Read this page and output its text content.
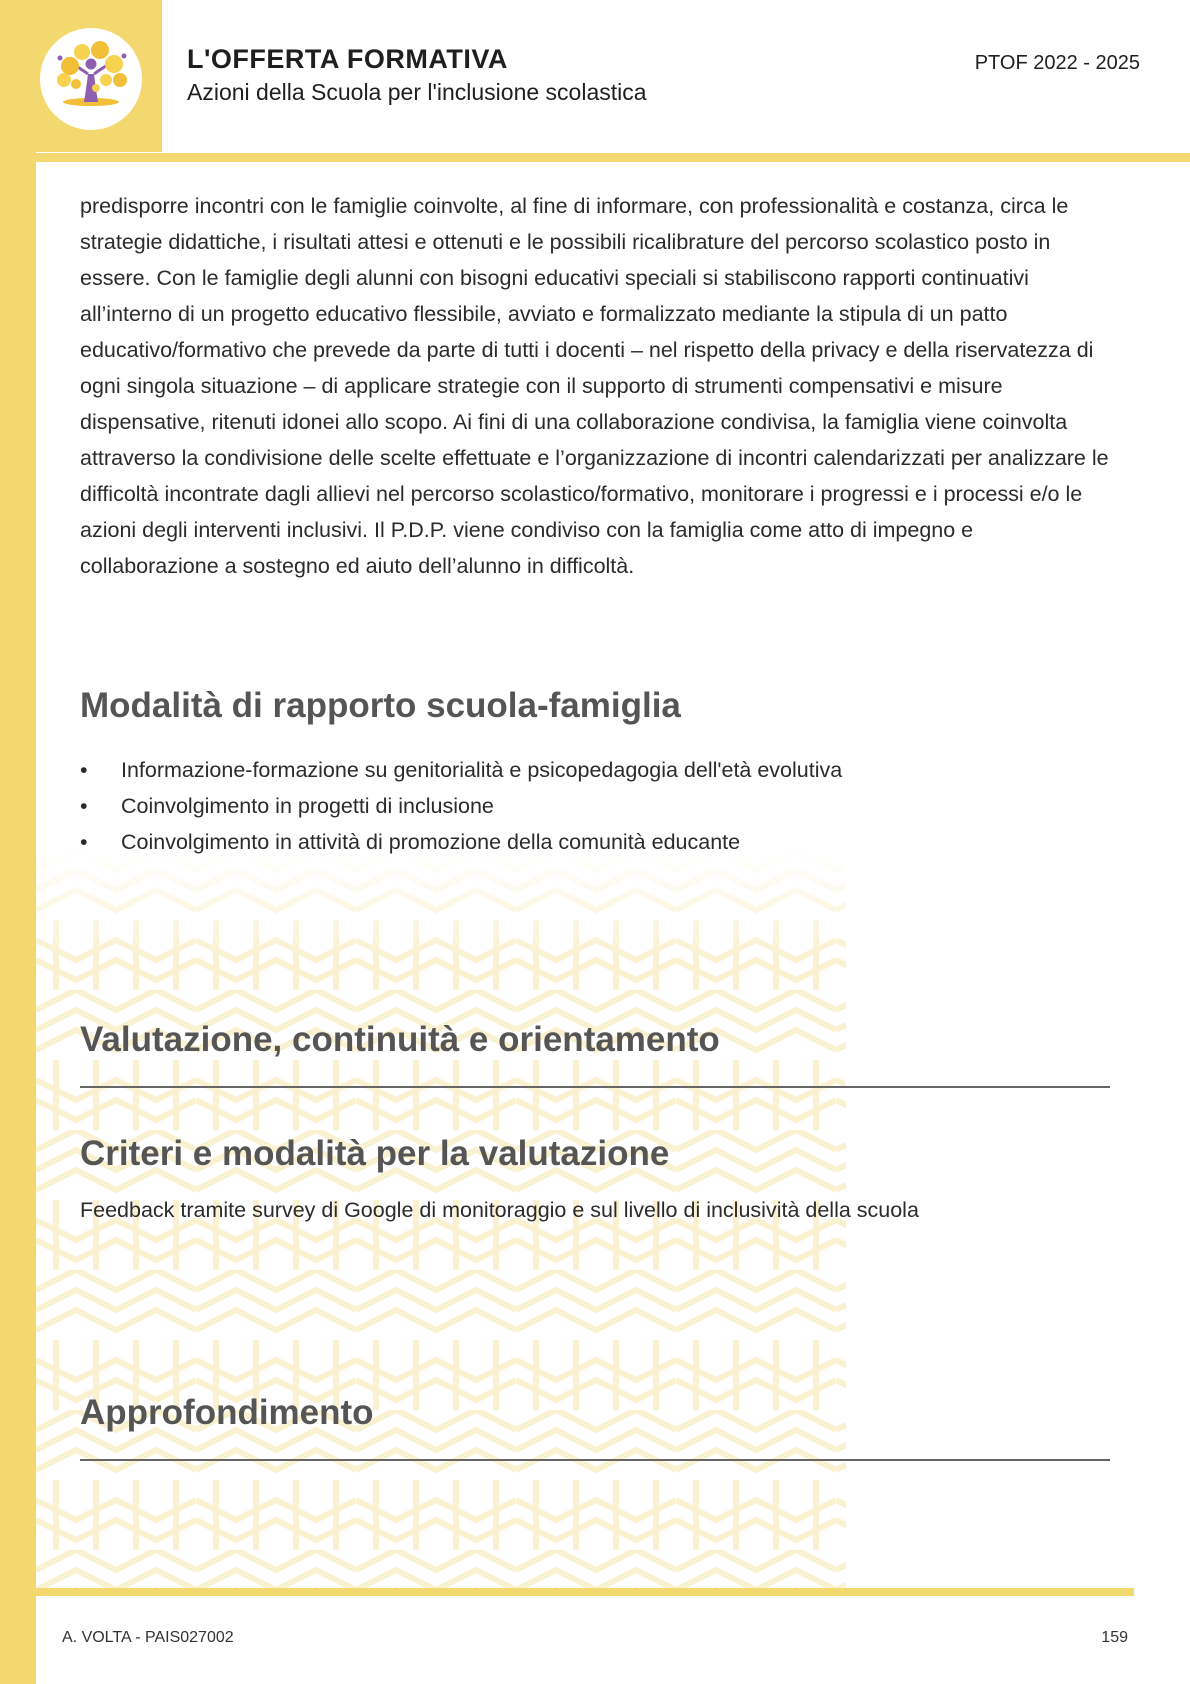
L'OFFERTA FORMATIVA
Azioni della Scuola per l'inclusione scolastica
PTOF 2022 - 2025

predisporre incontri con le famiglie coinvolte, al fine di informare, con professionalità e costanza, circa le strategie didattiche, i risultati attesi e ottenuti e le possibili ricalibrature del percorso scolastico posto in essere. Con le famiglie degli alunni con bisogni educativi speciali si stabiliscono rapporti continuativi all’interno di un progetto educativo flessibile, avviato e formalizzato mediante la stipula di un patto educativo/formativo che prevede da parte di tutti i docenti – nel rispetto della privacy e della riservatezza di ogni singola situazione – di applicare strategie con il supporto di strumenti compensativi e misure dispensative, ritenuti idonei allo scopo. Ai fini di una collaborazione condivisa, la famiglia viene coinvolta attraverso la condivisione delle scelte effettuate e l’organizzazione di incontri calendarizzati per analizzare le difficoltà incontrate dagli allievi nel percorso scolastico/formativo, monitorare i progressi e i processi e/o le azioni degli interventi inclusivi. Il P.D.P. viene condiviso con la famiglia come atto di impegno e collaborazione a sostegno ed aiuto dell’alunno in difficoltà.

Modalità di rapporto scuola-famiglia
• Informazione-formazione su genitorialità e psicopedagogia dell'età evolutiva
• Coinvolgimento in progetti di inclusione
• Coinvolgimento in attività di promozione della comunità educante
Valutazione, continuità e orientamento
Criteri e modalità per la valutazione

Feedback tramite survey di Google di monitoraggio e sul livello di inclusività della scuola

Approfondimento
A. VOLTA - PAIS027002	159
